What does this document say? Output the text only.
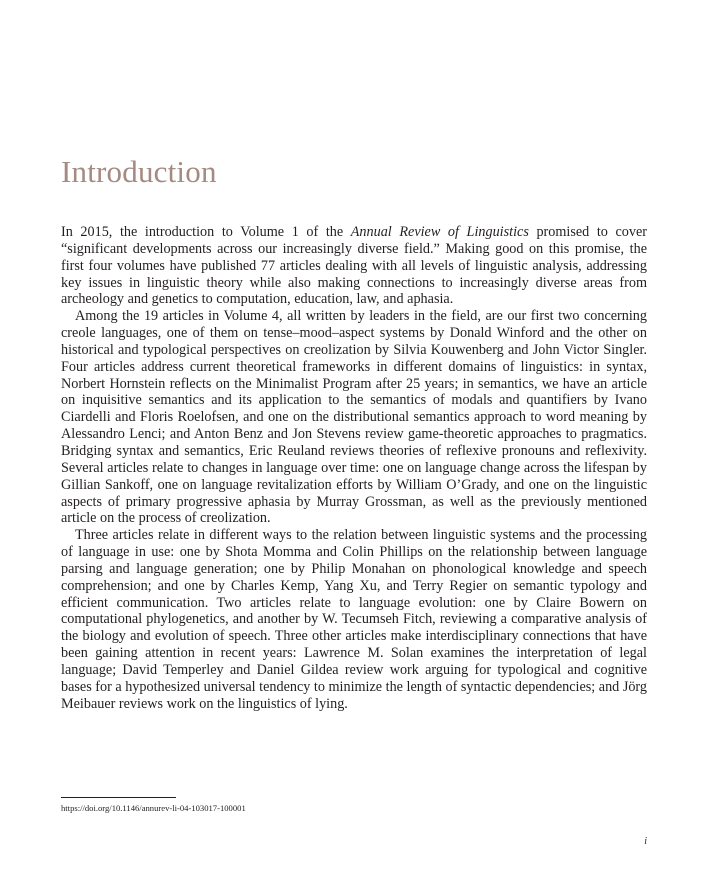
Introduction

In 2015, the introduction to Volume 1 of the Annual Review of Linguistics promised to cover “significant developments across our increasingly diverse field.” Making good on this promise, the first four volumes have published 77 articles dealing with all levels of linguistic analysis, addressing key issues in linguistic theory while also making connections to increasingly diverse areas from archeology and genetics to computation, education, law, and aphasia.

Among the 19 articles in Volume 4, all written by leaders in the field, are our first two concerning creole languages, one of them on tense–mood–aspect systems by Donald Winford and the other on historical and typological perspectives on creolization by Silvia Kouwenberg and John Victor Singler. Four articles address current theoretical frameworks in different domains of linguistics: in syntax, Norbert Hornstein reflects on the Minimalist Program after 25 years; in semantics, we have an article on inquisitive semantics and its application to the semantics of modals and quantifiers by Ivano Ciardelli and Floris Roelofsen, and one on the distributional semantics approach to word meaning by Alessandro Lenci; and Anton Benz and Jon Stevens review game-theoretic approaches to pragmatics. Bridging syntax and semantics, Eric Reuland reviews theories of reflexive pronouns and reflexivity. Several articles relate to changes in language over time: one on language change across the lifespan by Gillian Sankoff, one on language revitalization efforts by William O’Grady, and one on the linguistic aspects of primary progressive aphasia by Murray Grossman, as well as the previously mentioned article on the process of creolization.

Three articles relate in different ways to the relation between linguistic systems and the processing of language in use: one by Shota Momma and Colin Phillips on the relationship between language parsing and language generation; one by Philip Monahan on phonological knowledge and speech comprehension; and one by Charles Kemp, Yang Xu, and Terry Regier on semantic typology and efficient communication. Two articles relate to language evolution: one by Claire Bowern on computational phylogenetics, and another by W. Tecumseh Fitch, reviewing a comparative analysis of the biology and evolution of speech. Three other articles make interdisciplinary connections that have been gaining attention in recent years: Lawrence M. Solan examines the interpretation of legal language; David Temperley and Daniel Gildea review work arguing for typological and cognitive bases for a hypothesized universal tendency to minimize the length of syntactic dependencies; and Jörg Meibauer reviews work on the linguistics of lying.

https://doi.org/10.1146/annurev-li-04-103017-100001
i
